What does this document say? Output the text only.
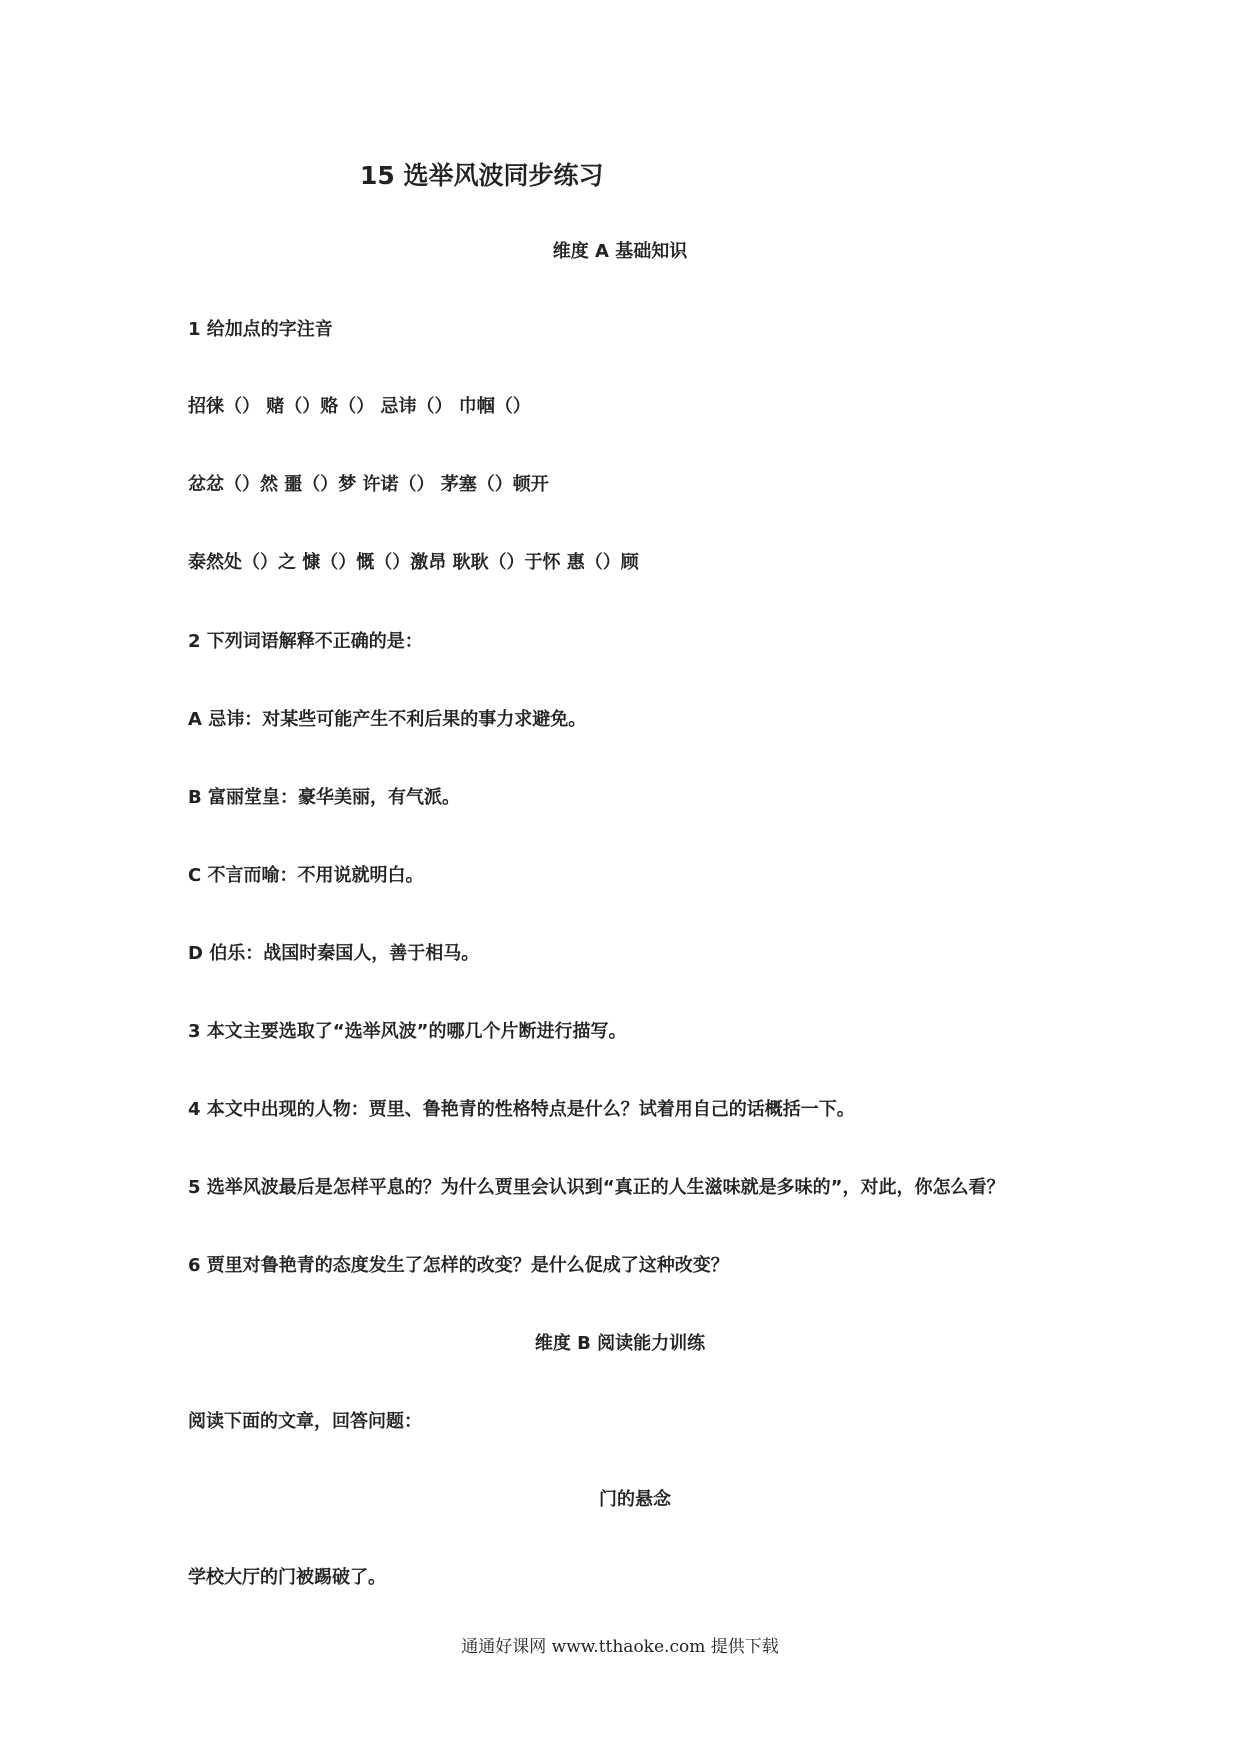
15 选举风波同步练习
维度 A 基础知识
1 给加点的字注音
招徕（） 赌（）赂（） 忌讳（） 巾帼（）
忿忿（）然 噩（）梦 许诺（） 茅塞（）顿开
泰然处（）之 慷（）慨（）激昂 耿耿（）于怀 惠（）顾
2 下列词语解释不正确的是：
A 忌讳：对某些可能产生不利后果的事力求避免。
B 富丽堂皇：豪华美丽，有气派。
C 不言而喻：不用说就明白。
D 伯乐：战国时秦国人，善于相马。
3 本文主要选取了“选举风波”的哪几个片断进行描写。
4 本文中出现的人物：贾里、鲁艳青的性格特点是什么？试着用自己的话概括一下。
5 选举风波最后是怎样平息的？为什么贾里会认识到“真正的人生滋味就是多味的”，对此，你怎么看？
6 贾里对鲁艳青的态度发生了怎样的改变？是什么促成了这种改变？
维度 B 阅读能力训练
阅读下面的文章，回答问题：
门的悬念
学校大厅的门被踢破了。
通通好课网 www.tthaoke.com 提供下载
